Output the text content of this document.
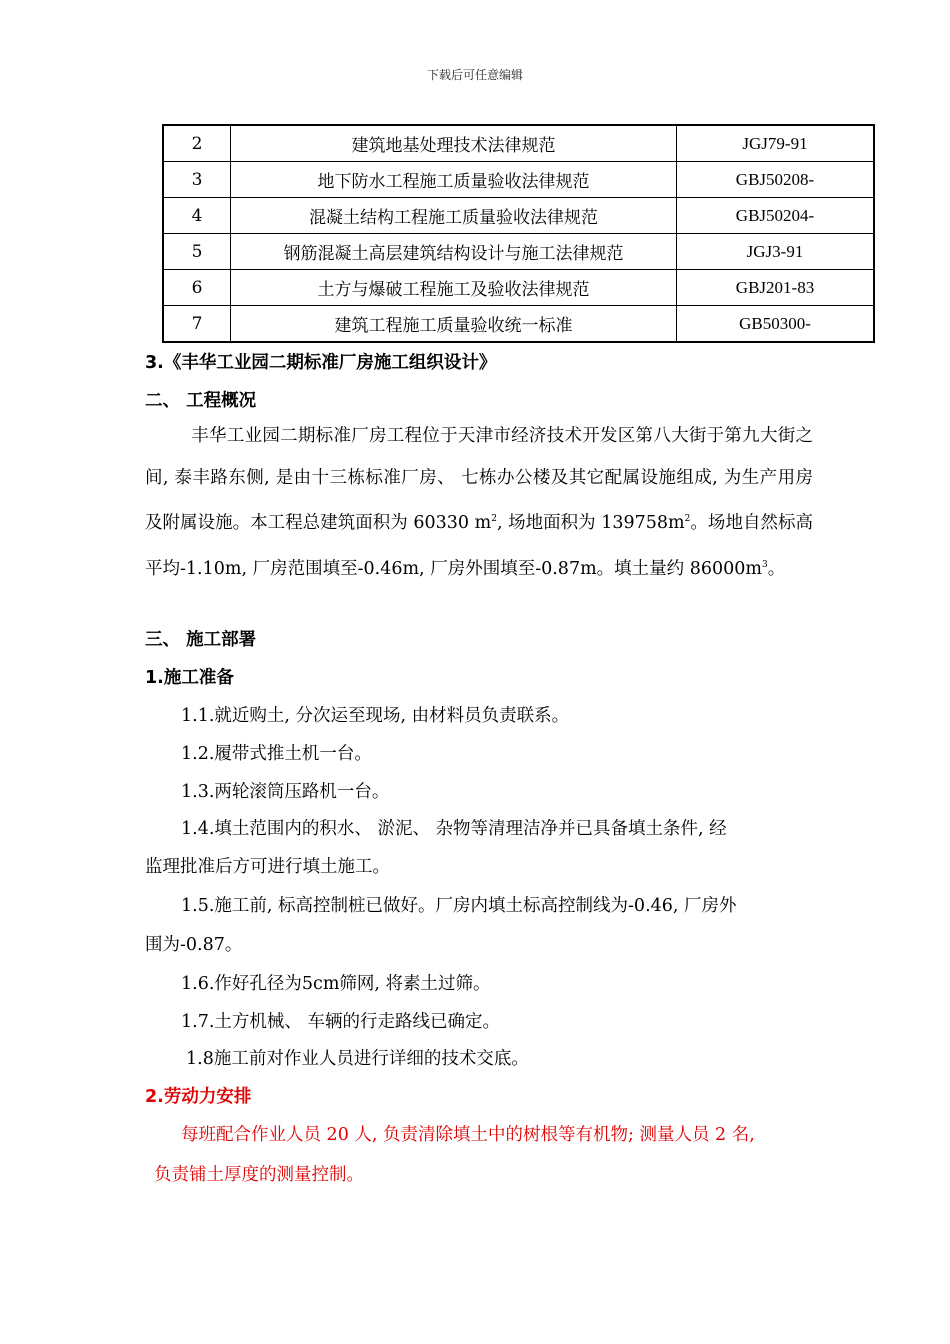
下载后可任意编辑
2	建筑地基处理技术法律规范	JGJ79-91
3	地下防水工程施工质量验收法律规范	GBJ50208-
4	混凝土结构工程施工质量验收法律规范	GBJ50204-
5	钢筋混凝土高层建筑结构设计与施工法律规范	JGJ3-91
6	土方与爆破工程施工及验收法律规范	GBJ201-83
7	建筑工程施工质量验收统一标准	GB50300-
3.《丰华工业园二期标准厂房施工组织设计》
二、 工程概况
丰华工业园二期标准厂房工程位于天津市经济技术开发区第八大街于第九大街之间, 泰丰路东侧, 是由十三栋标准厂房、 七栋办公楼及其它配属设施组成, 为生产用房及附属设施。本工程总建筑面积为 60330 $m^2$, 场地面积为 $139758m^2$。场地自然标高平均-1.10m, 厂房范围填至-0.46m, 厂房外围填至-0.87m。填土量约 $86000m^3$。
三、 施工部署
1.施工准备
1.1.就近购土, 分次运至现场, 由材料员负责联系。
1.2.履带式推土机一台。
1.3.两轮滚筒压路机一台。
1.4.填土范围内的积水、 淤泥、 杂物等清理洁净并已具备填土条件, 经
监理批准后方可进行填土施工。
1.5.施工前, 标高控制桩已做好。厂房内填土标高控制线为-0.46, 厂房外
围为-0.87。
1.6.作好孔径为5cm筛网, 将素土过筛。
1.7.土方机械、 车辆的行走路线已确定。
1.8施工前对作业人员进行详细的技术交底。
2.劳动力安排
每班配合作业人员 20 人, 负责清除填土中的树根等有机物; 测量人员 2 名,
负责铺土厚度的测量控制。
